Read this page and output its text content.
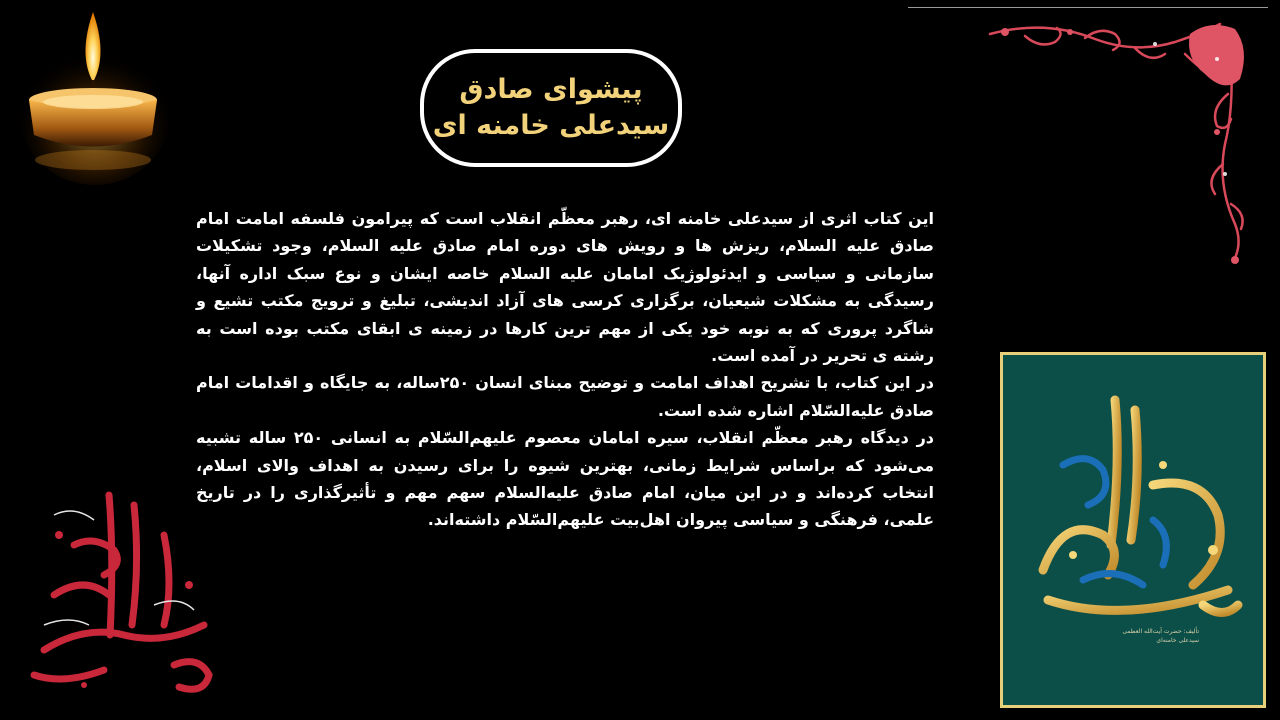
پیشوای صادق
سیدعلی خامنه ای

این کتاب اثری از سیدعلی خامنه ای، رهبر معظّم انقلاب است که پیرامون فلسفه امامت امام صادق علیه السلام، ریزش ها و رویش های دوره امام صادق علیه السلام، وجود تشکیلات سازمانی و سیاسی و ایدئولوژیک امامان علیه السلام خاصه ایشان و نوع سبک اداره آنها، رسیدگی به مشکلات شیعیان، برگزاری کرسی های آزاد اندیشی، تبلیغ و ترویج مکتب تشیع و شاگرد پروری که به نوبه خود یکی از مهم ترین کارها در زمینه ی ابقای مکتب بوده است به رشته ی تحریر در آمده است.

در این کتاب، با تشریح اهداف امامت و توضیح مبنای انسان ۲۵۰ساله، به جایگاه و اقدامات امام صادق علیه‌السّلام اشاره شده است.

در دیدگاه رهبر معظّم انقلاب، سیره امامان معصوم علیهم‌السّلام به انسانی ۲۵۰ ساله تشبیه می‌شود که براساس شرایط زمانی، بهترین شیوه را برای رسیدن به اهداف والای اسلام، انتخاب کرده‌اند و در این میان، امام صادق علیه‌السلام سهم مهم و تأثیرگذاری را در تاریخ علمی، فرهنگی و سیاسی پیروان اهل‌بیت علیهم‌السّلام داشته‌اند.

تألیف: حضرت آیت‌الله العظمی
سیدعلی خامنه‌ای
